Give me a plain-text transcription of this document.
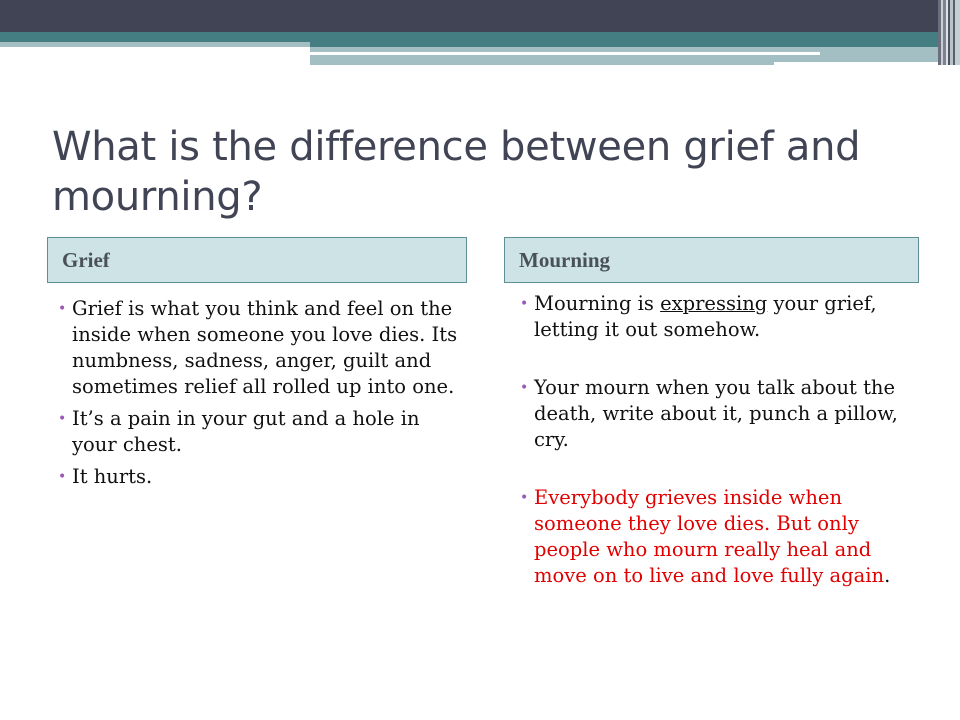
What is the difference between grief and mourning?
Grief	Mourning
• Grief is what you think and feel on the inside when someone you love dies. Its numbness, sadness, anger, guilt and sometimes relief all rolled up into one.
• It’s a pain in your gut and a hole in your chest.
• It hurts.
• Mourning is expressing your grief, letting it out somehow.
• Your mourn when you talk about the death, write about it, punch a pillow, cry.
• Everybody grieves inside when someone they love dies. But only people who mourn really heal and move on to live and love fully again.
